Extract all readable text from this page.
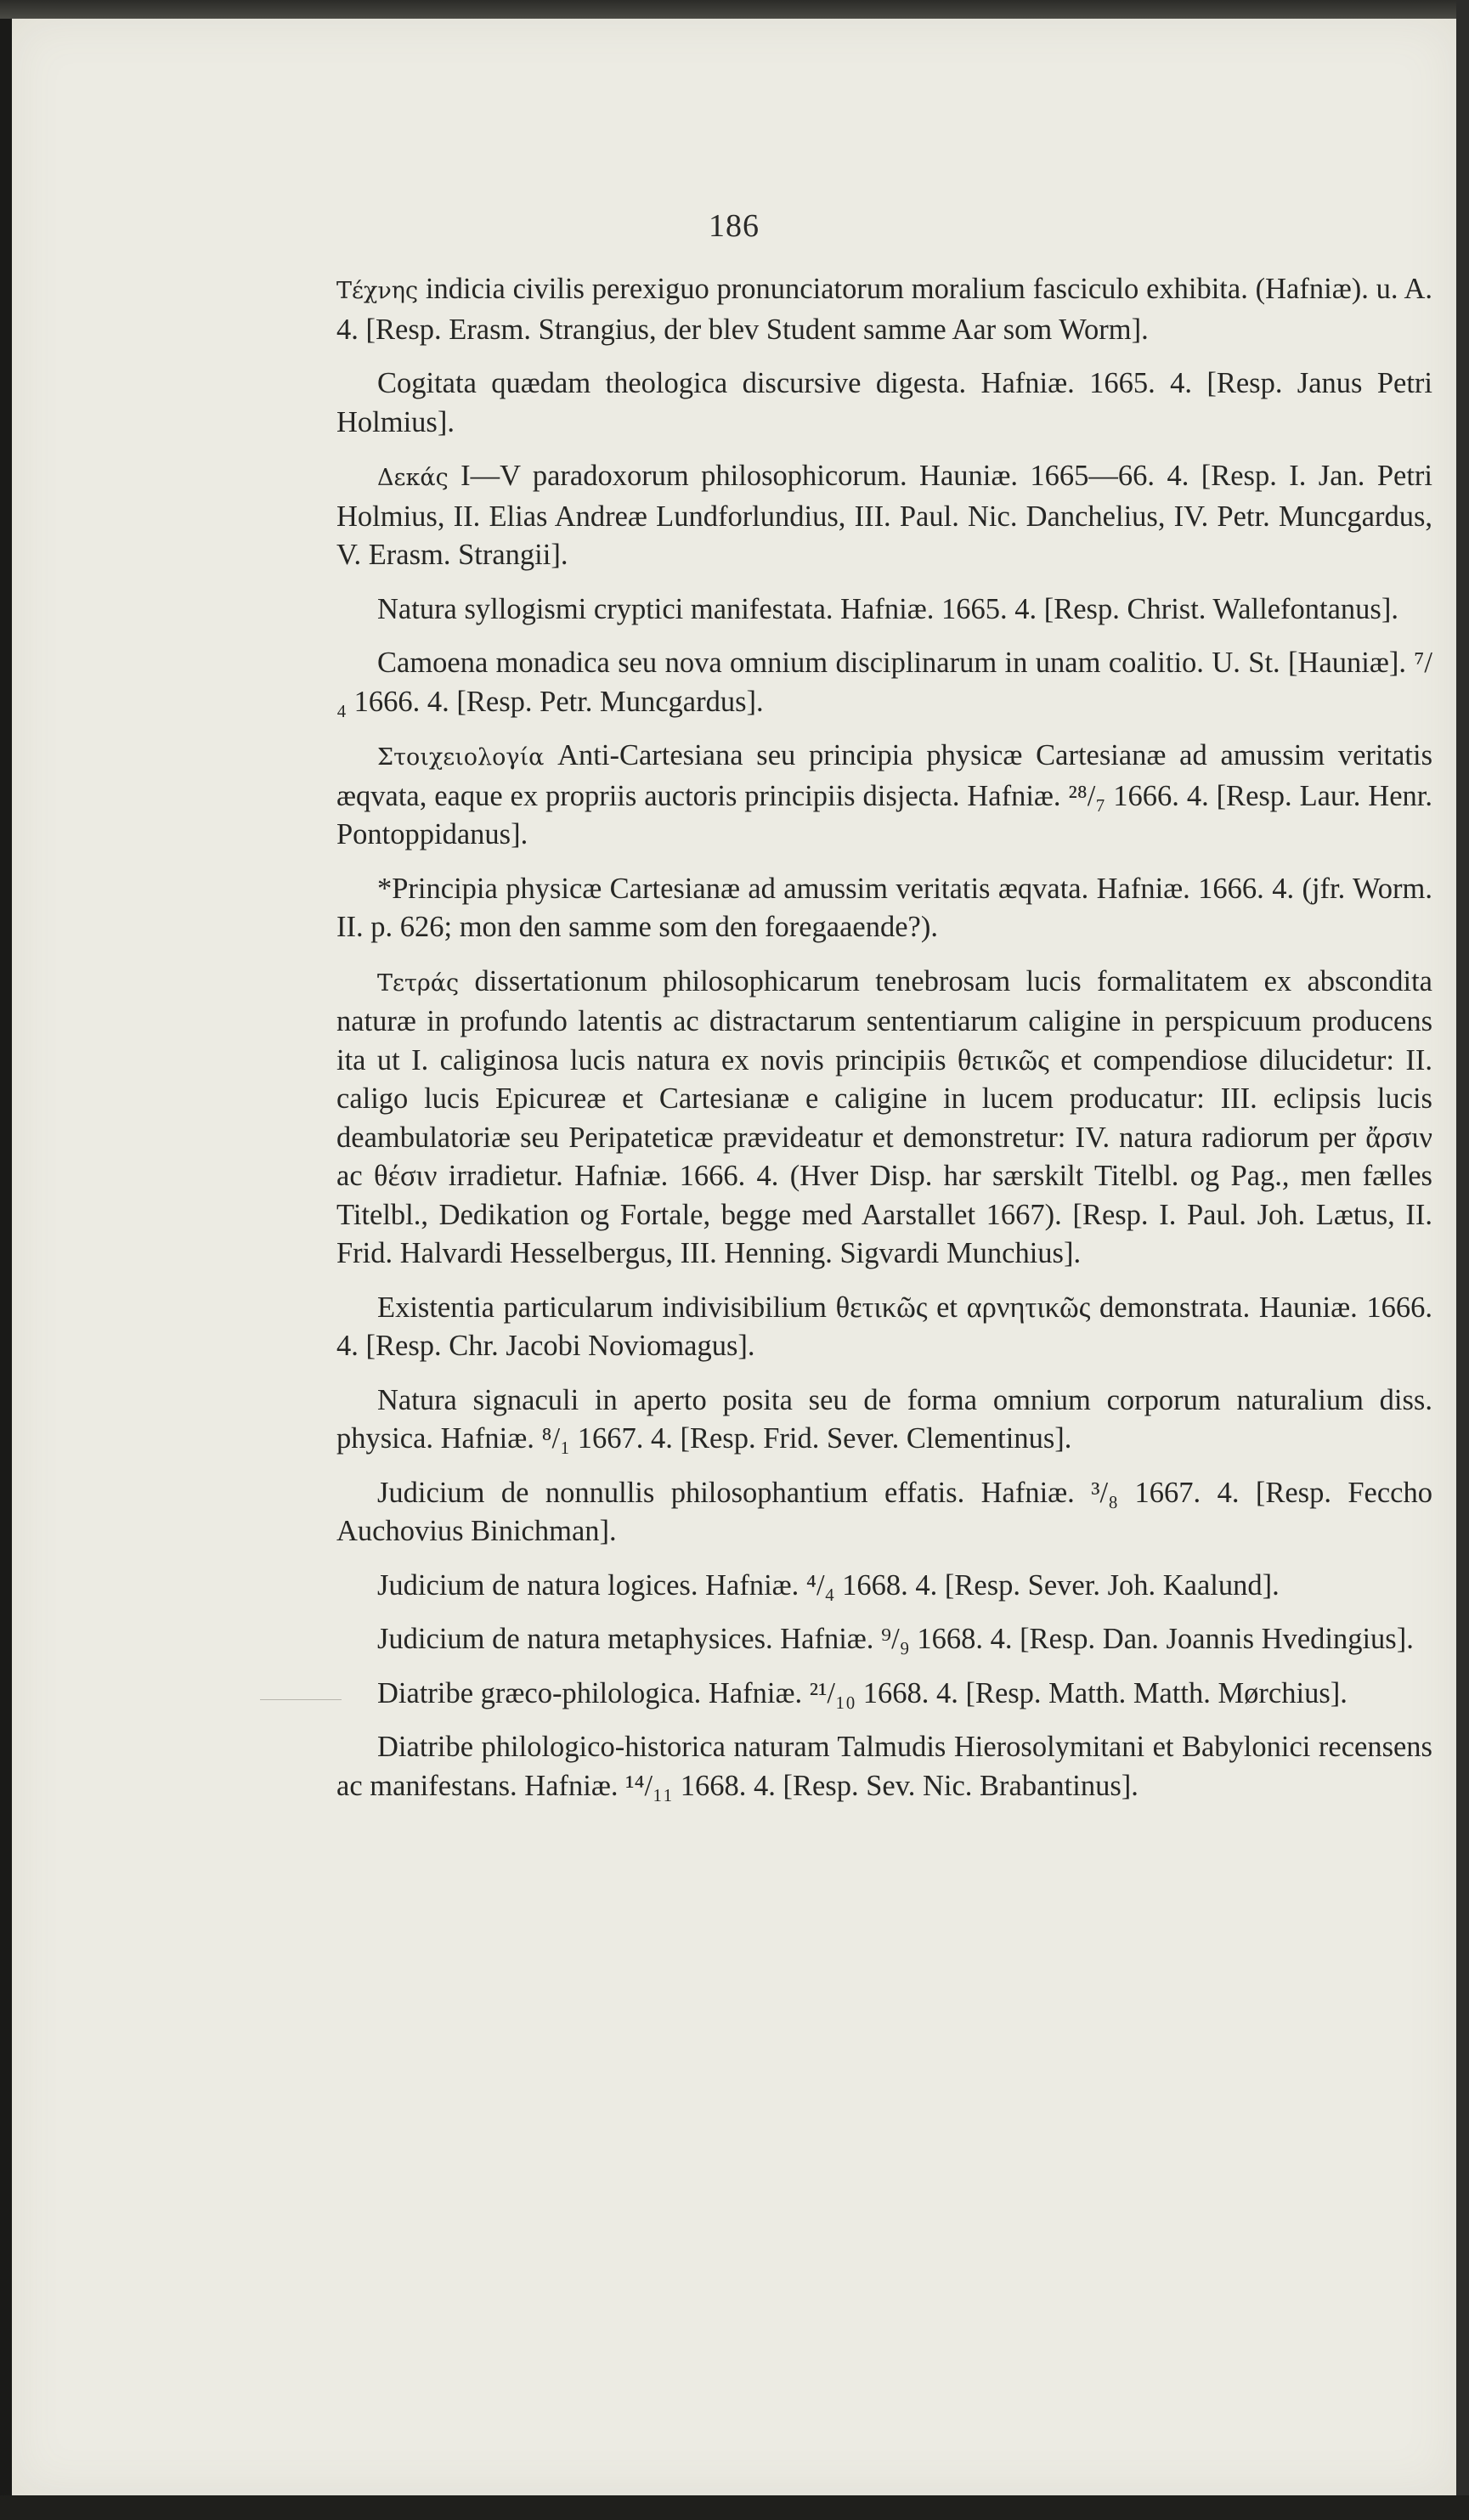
186

Τέχνης indicia civilis perexiguo pronunciatorum moralium fasciculo exhibita. (Hafniæ). u. A. 4. [Resp. Erasm. Strangius, der blev Student samme Aar som Worm].

Cogitata quædam theologica discursive digesta. Hafniæ. 1665. 4. [Resp. Janus Petri Holmius].

Δεκάς I—V paradoxorum philosophicorum. Hauniæ. 1665—66. 4. [Resp. I. Jan. Petri Holmius, II. Elias Andreæ Lundforlundius, III. Paul. Nic. Danchelius, IV. Petr. Muncgardus, V. Erasm. Strangii].

Natura syllogismi cryptici manifestata. Hafniæ. 1665. 4. [Resp. Christ. Wallefontanus].

Camoena monadica seu nova omnium disciplinarum in unam coalitio. U. St. [Hauniæ]. ⁷/₄ 1666. 4. [Resp. Petr. Muncgardus].

Στοιχειολογία Anti-Cartesiana seu principia physicæ Cartesianæ ad amussim veritatis æqvata, eaque ex propriis auctoris principiis disjecta. Hafniæ. ²⁸/₇ 1666. 4. [Resp. Laur. Henr. Pontoppidanus].

*Principia physicæ Cartesianæ ad amussim veritatis æqvata. Hafniæ. 1666. 4. (jfr. Worm. II. p. 626; mon den samme som den foregaaende?).

Τετράς dissertationum philosophicarum tenebrosam lucis formalitatem ex abscondita naturæ in profundo latentis ac distractarum sententiarum caligine in perspicuum producens ita ut I. caliginosa lucis natura ex novis principiis θετικῶς et compendiose dilucidetur: II. caligo lucis Epicureæ et Cartesianæ e caligine in lucem producatur: III. eclipsis lucis deambulatoriæ seu Peripateticæ prævideatur et demonstretur: IV. natura radiorum per ἄρσιν ac θέσιν irradietur. Hafniæ. 1666. 4. (Hver Disp. har særskilt Titelbl. og Pag., men fælles Titelbl., Dedikation og Fortale, begge med Aarstallet 1667). [Resp. I. Paul. Joh. Lætus, II. Frid. Halvardi Hesselbergus, III. Henning. Sigvardi Munchius].

Existentia particularum indivisibilium θετικῶς et αρνητικῶς demonstrata. Hauniæ. 1666. 4. [Resp. Chr. Jacobi Noviomagus].

Natura signaculi in aperto posita seu de forma omnium corporum naturalium diss. physica. Hafniæ. ⁸/₁ 1667. 4. [Resp. Frid. Sever. Clementinus].

Judicium de nonnullis philosophantium effatis. Hafniæ. ³/₈ 1667. 4. [Resp. Feccho Auchovius Binichman].

Judicium de natura logices. Hafniæ. ⁴/₄ 1668. 4. [Resp. Sever. Joh. Kaalund].

Judicium de natura metaphysices. Hafniæ. ⁹/₉ 1668. 4. [Resp. Dan. Joannis Hvedingius].

Diatribe græco-philologica. Hafniæ. ²¹/₁₀ 1668. 4. [Resp. Matth. Matth. Mørchius].

Diatribe philologico-historica naturam Talmudis Hierosolymitani et Babylonici recensens ac manifestans. Hafniæ. ¹⁴/₁₁ 1668. 4. [Resp. Sev. Nic. Brabantinus].
